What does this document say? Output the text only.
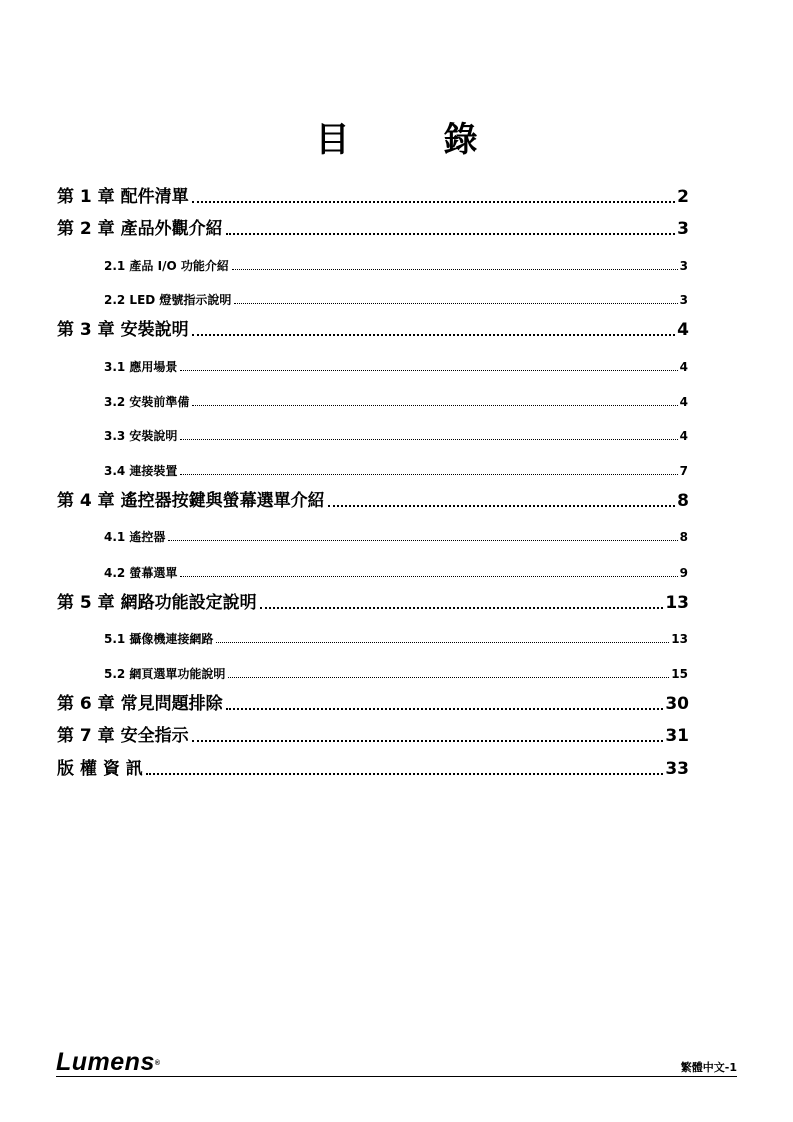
目　錄
第 1 章 配件清單	2
第 2 章 產品外觀介紹	3
2.1 產品 I/O 功能介紹	3
2.2 LED 燈號指示說明	3
第 3 章 安裝說明	4
3.1 應用場景	4
3.2 安裝前準備	4
3.3 安裝說明	4
3.4 連接裝置	7
第 4 章 遙控器按鍵與螢幕選單介紹	8
4.1 遙控器	8
4.2 螢幕選單	9
第 5 章 網路功能設定說明	13
5.1 攝像機連接網路	13
5.2 網頁選單功能說明	15
第 6 章 常見問題排除	30
第 7 章 安全指示	31
版 權 資 訊	33
Lumens®	繁體中文-1
